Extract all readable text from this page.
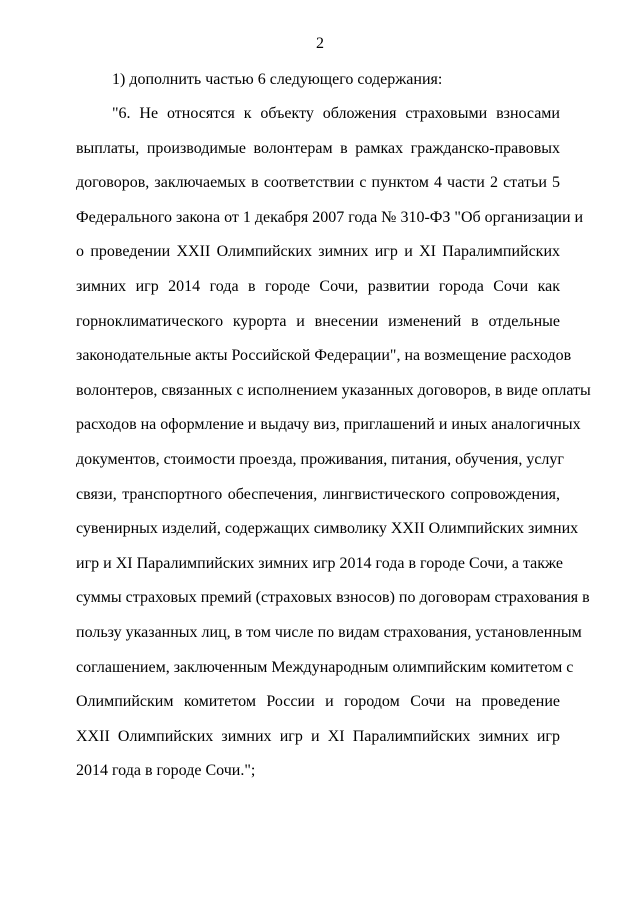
2
1) дополнить частью 6 следующего содержания:
"6. Не относятся к объекту обложения страховыми взносами
выплаты, производимые волонтерам в рамках гражданско-правовых
договоров, заключаемых в соответствии с пунктом 4 части 2 статьи 5
Федерального закона от 1 декабря 2007 года № 310-ФЗ "Об организации и
о проведении XXII Олимпийских зимних игр и XI Паралимпийских
зимних игр 2014 года в городе Сочи, развитии города Сочи как
горноклиматического курорта и внесении изменений в отдельные
законодательные акты Российской Федерации", на возмещение расходов
волонтеров, связанных с исполнением указанных договоров, в виде оплаты
расходов на оформление и выдачу виз, приглашений и иных аналогичных
документов, стоимости проезда, проживания, питания, обучения, услуг
связи, транспортного обеспечения, лингвистического сопровождения,
сувенирных изделий, содержащих символику XXII Олимпийских зимних
игр и XI Паралимпийских зимних игр 2014 года в городе Сочи, а также
суммы страховых премий (страховых взносов) по договорам страхования в
пользу указанных лиц, в том числе по видам страхования, установленным
соглашением, заключенным Международным олимпийским комитетом с
Олимпийским комитетом России и городом Сочи на проведение
XXII Олимпийских зимних игр и XI Паралимпийских зимних игр
2014 года в городе Сочи.";
